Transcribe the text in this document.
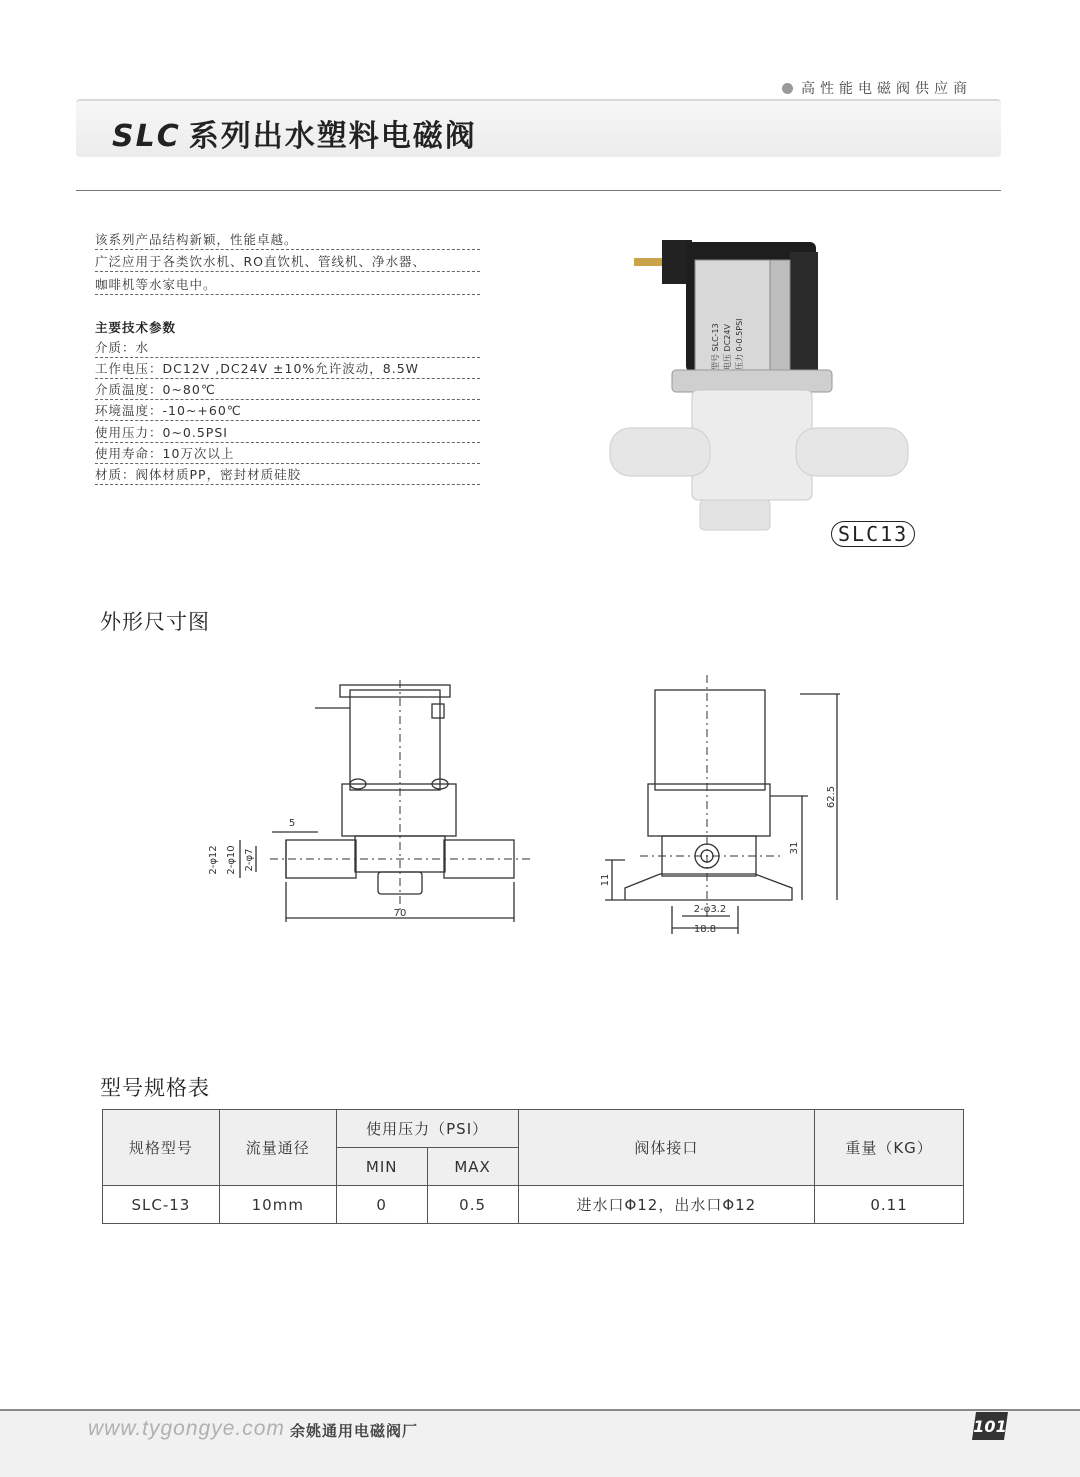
高性能电磁阀供应商
SLC 系列出水塑料电磁阀
该系列产品结构新颖，性能卓越。
广泛应用于各类饮水机、RO直饮机、管线机、净水器、
咖啡机等水家电中。
主要技术参数
介质：水
工作电压：DC12V ,DC24V ±10%允许波动，8.5W
介质温度：0~80℃
环境温度：-10~+60℃
使用压力：0~0.5PSI
使用寿命：10万次以上
材质：阀体材质PP，密封材质硅胶
型号 SLC-13 电压 DC24V 压力 0-0.5PSI
SLC13
外形尺寸图
70
5
2-φ12 2-φ10 2-φ7
62.5
31
11
2-φ3.2
18.8
型号规格表
规格型号	流量通径	使用压力（PSI）		阀体接口	重量（KG）
		MIN	MAX		
SLC-13	10mm	0	0.5	进水口Φ12，出水口Φ12	0.11
www.tygongye.com 余姚通用电磁阀厂	101
